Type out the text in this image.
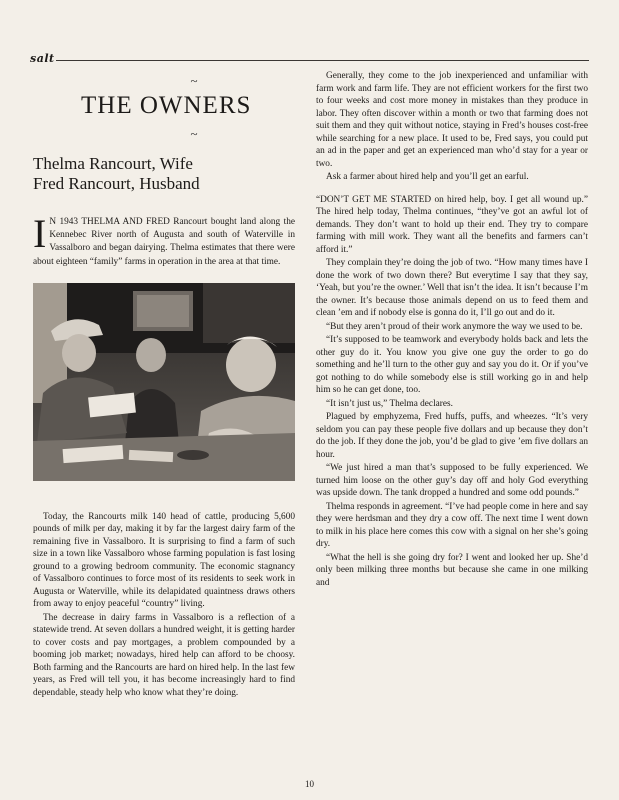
salt
~
THE OWNERS
~
Thelma Rancourt, Wife
Fred Rancourt, Husband
I N 1943 THELMA AND FRED Rancourt bought land along the Kennebec River north of Augusta and south of Waterville in Vassalboro and began dairying. Thelma estimates that there were about eighteen “family” farms in operation in the area at that time.

Today, the Rancourts milk 140 head of cattle, producing 5,600 pounds of milk per day, making it by far the largest dairy farm of the remaining five in Vassalboro. It is surprising to find a farm of such size in a town like Vassalboro whose farming population is fast losing ground to a growing bedroom community. The economic stagnancy of Vassalboro continues to force most of its residents to seek work in Augusta or Waterville, while its delapidated quaintness draws others from away to enjoy peaceful “country” living.

The decrease in dairy farms in Vassalboro is a reflection of a statewide trend. At seven dollars a hundred weight, it is getting harder to cover costs and pay mortgages, a problem compounded by a booming job market; nowadays, hired help can afford to be choosy. Both farming and the Rancourts are hard on hired help. In the last few years, as Fred will tell you, it has become increasingly hard to find dependable, steady help who know what they’re doing.

Generally, they come to the job inexperienced and unfamiliar with farm work and farm life. They are not efficient workers for the first two to four weeks and cost more money in mistakes than they produce in labor. They often discover within a month or two that farming does not suit them and they quit without notice, staying in Fred’s houses cost-free while searching for a new place. It used to be, Fred says, you could put an ad in the paper and get an experienced man who’d stay for a year or two.

Ask a farmer about hired help and you’ll get an earful.

“DON’T GET ME STARTED on hired help, boy. I get all wound up.” The hired help today, Thelma continues, “they’ve got an awful lot of demands. They don’t want to hold up their end. They try to compare farming with mill work. They want all the benefits and farmers can’t afford it.”

They complain they’re doing the job of two. “How many times have I done the work of two down there? But everytime I say that they say, ‘Yeah, but you’re the owner.’ Well that isn’t the idea. It isn’t because I’m the owner. It’s because those animals depend on us to feed them and clean ’em and if nobody else is gonna do it, I’ll go out and do it.

“But they aren’t proud of their work anymore the way we used to be.

“It’s supposed to be teamwork and everybody holds back and lets the other guy do it. You know you give one guy the order to go do something and he’ll turn to the other guy and say you do it. Or if you’ve got nothing to do while somebody else is still working go in and help him so he can get done, too.

“It isn’t just us,” Thelma declares.

Plagued by emphyzema, Fred huffs, puffs, and wheezes. “It’s very seldom you can pay these people five dollars and up because they don’t do the job. If they done the job, you’d be glad to give ’em five dollars an hour.

“We just hired a man that’s supposed to be fully experienced. We turned him loose on the other guy’s day off and holy God everything was upside down. The tank dropped a hundred and some odd pounds.”

Thelma responds in agreement. “I’ve had people come in here and say they were herdsman and they dry a cow off. The next time I went down to milk in his place here comes this cow with a signal on her she’s going dry.

“What the hell is she going dry for? I went and looked her up. She’d only been milking three months but because she came in one milking and

10
